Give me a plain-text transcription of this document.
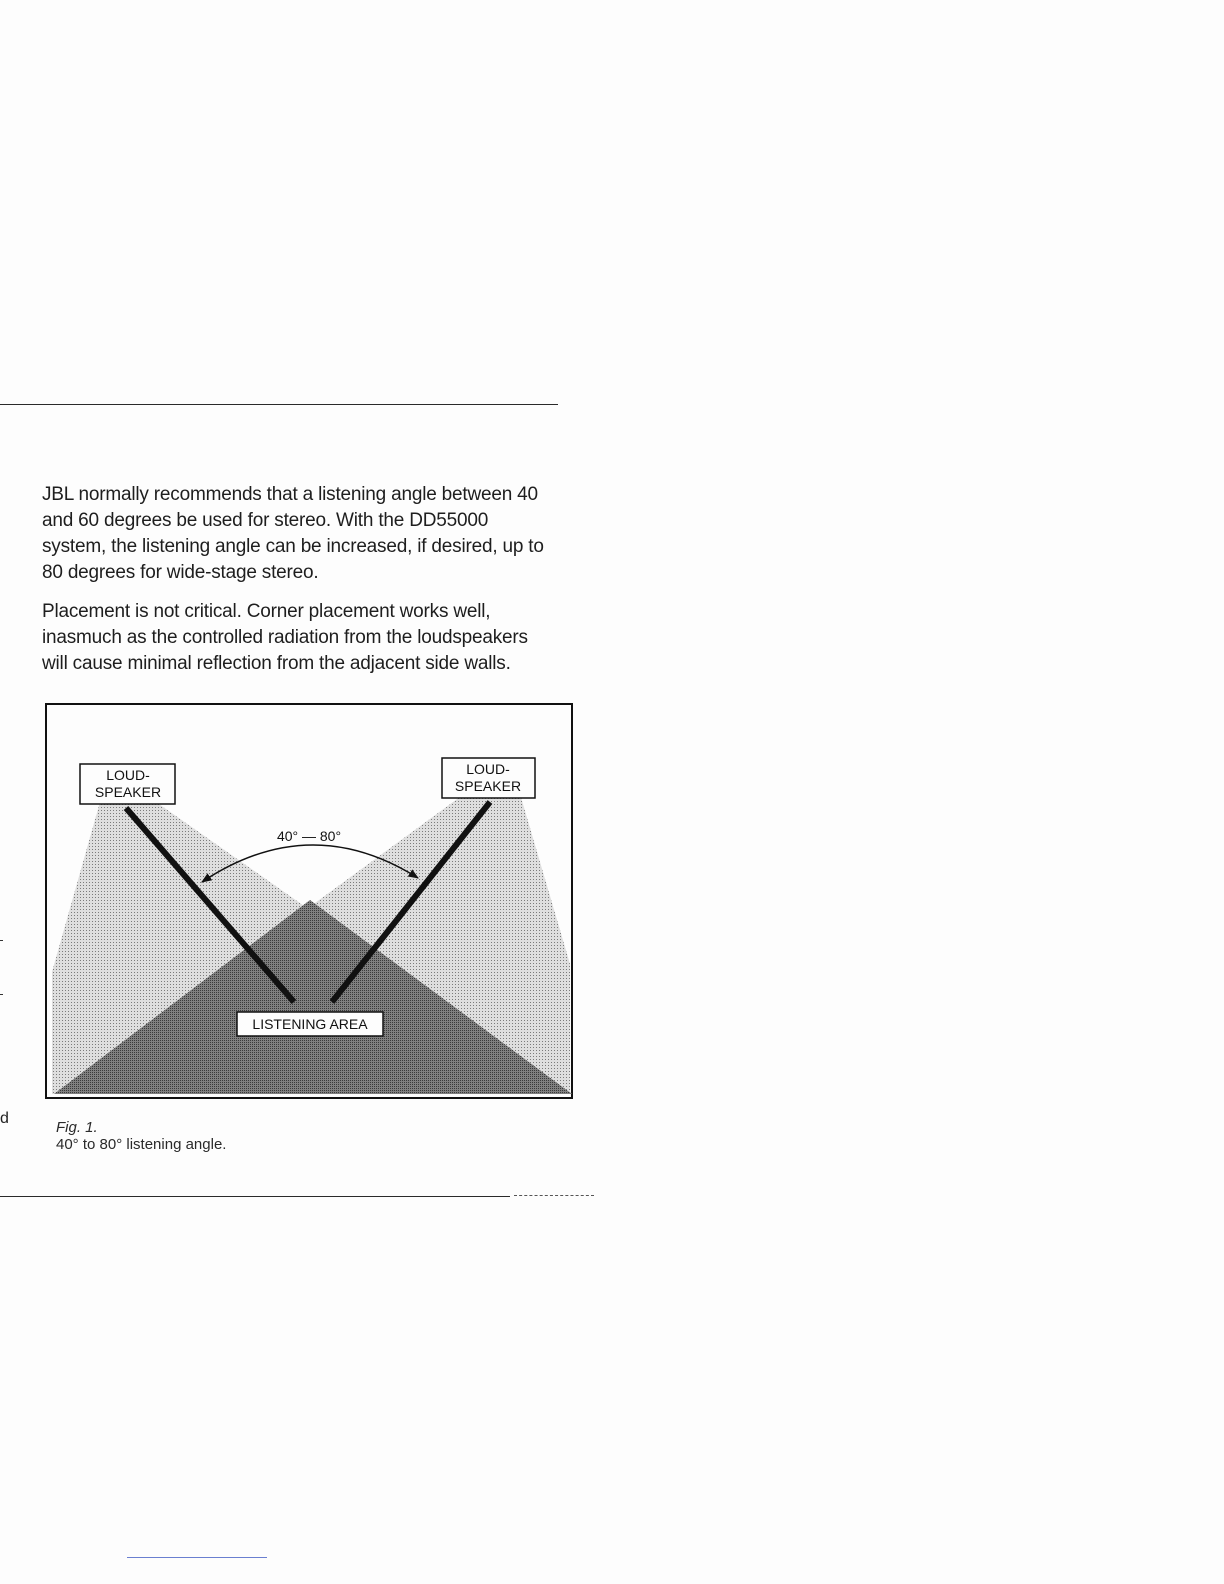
JBL normally recommends that a listening angle between 40 and 60 degrees be used for stereo. With the DD55000 system, the listening angle can be increased, if desired, up to 80 degrees for wide-stage stereo.

Placement is not critical. Corner placement works well, inasmuch as the controlled radiation from the loudspeakers will cause minimal reflection from the adjacent side walls.

40° — 80°
LOUD-
SPEAKER
LOUD-
SPEAKER
LISTENING AREA
Fig. 1.
40° to 80° listening angle.
d
